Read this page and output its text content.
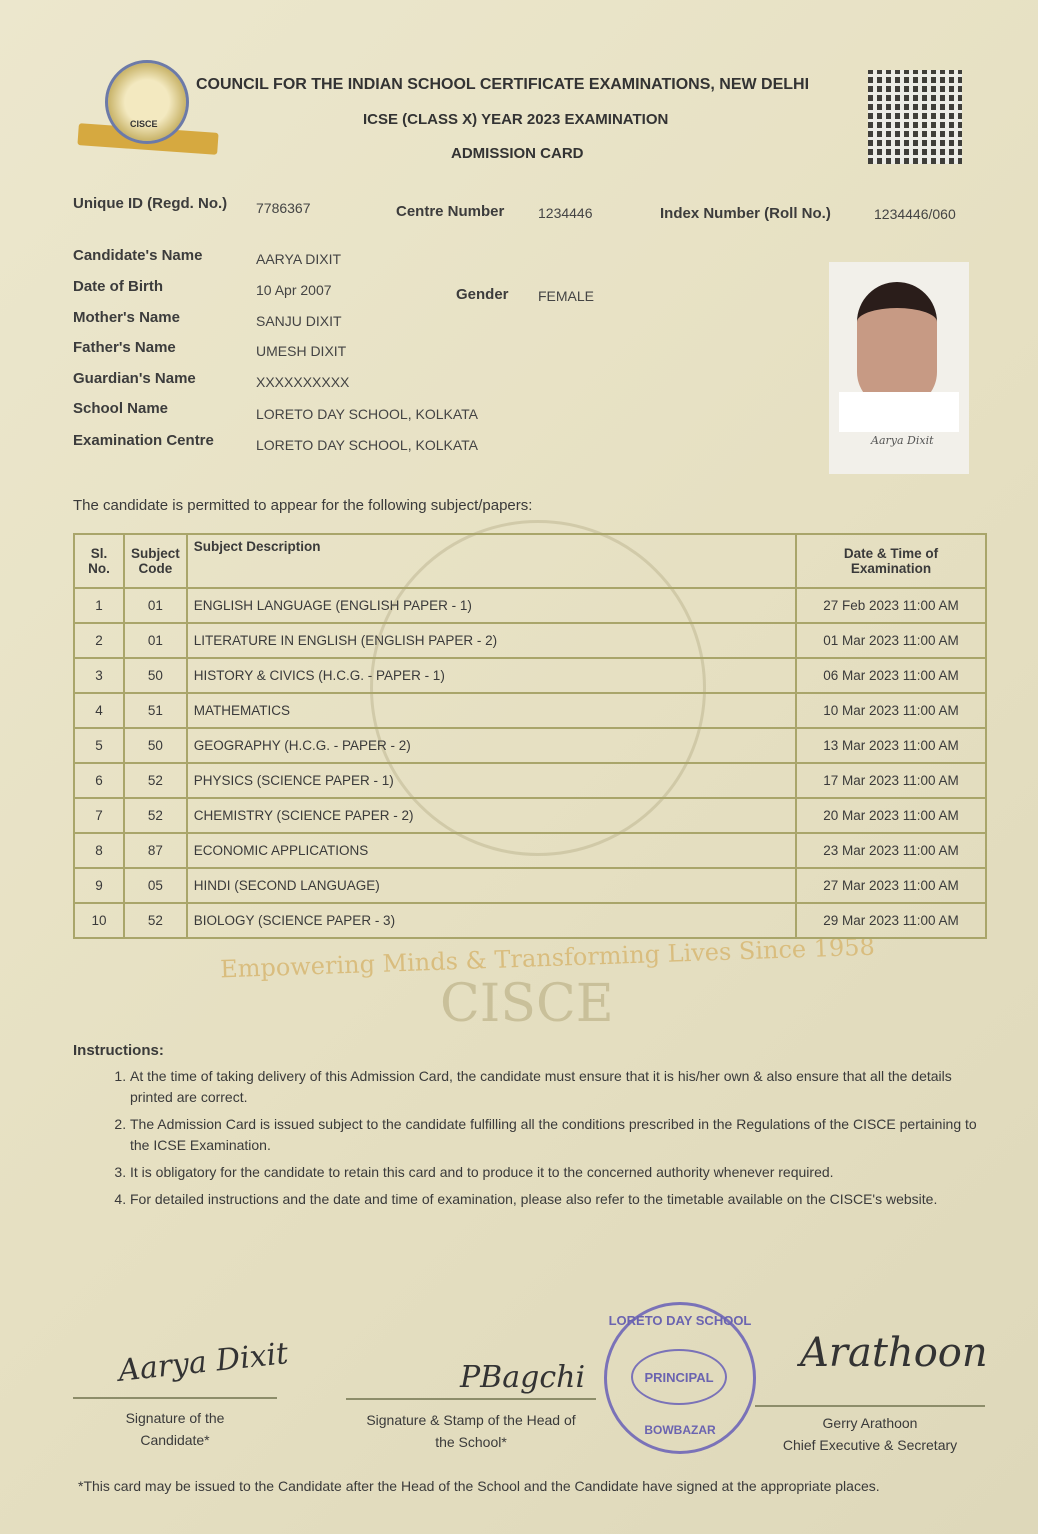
CISCE
Empowering Minds & Transforming Lives Since 1958
CISCE
COUNCIL FOR THE INDIAN SCHOOL CERTIFICATE EXAMINATIONS, NEW DELHI
ICSE (CLASS X) YEAR 2023 EXAMINATION
ADMISSION CARD
Unique ID (Regd. No.) 7786367	Centre Number 1234446	Index Number (Roll No.)	1234446/060
Candidate's Name	AARYA DIXIT
Date of Birth	10 Apr 2007	Gender FEMALE
Mother's Name	SANJU DIXIT
Father's Name	UMESH DIXIT
Guardian's Name	XXXXXXXXXX
School Name	LORETO DAY SCHOOL, KOLKATA
Examination Centre	LORETO DAY SCHOOL, KOLKATA	Aarya Dixit
The candidate is permitted to appear for the following subject/papers:
Sl. No.	Subject Code	Subject Description	Date & Time of Examination
1	01	ENGLISH LANGUAGE (ENGLISH PAPER - 1)	27 Feb 2023 11:00 AM
2	01	LITERATURE IN ENGLISH (ENGLISH PAPER - 2)	01 Mar 2023 11:00 AM
3	50	HISTORY & CIVICS (H.C.G. - PAPER - 1)	06 Mar 2023 11:00 AM
4	51	MATHEMATICS	10 Mar 2023 11:00 AM
5	50	GEOGRAPHY (H.C.G. - PAPER - 2)	13 Mar 2023 11:00 AM
6	52	PHYSICS (SCIENCE PAPER - 1)	17 Mar 2023 11:00 AM
7	52	CHEMISTRY (SCIENCE PAPER - 2)	20 Mar 2023 11:00 AM
8	87	ECONOMIC APPLICATIONS	23 Mar 2023 11:00 AM
9	05	HINDI (SECOND LANGUAGE)	27 Mar 2023 11:00 AM
10	52	BIOLOGY (SCIENCE PAPER - 3)	29 Mar 2023 11:00 AM
Instructions:
1. At the time of taking delivery of this Admission Card, the candidate must ensure that it is his/her own & also ensure that all the details printed are correct.
2. The Admission Card is issued subject to the candidate fulfilling all the conditions prescribed in the Regulations of the CISCE pertaining to the ICSE Examination.
3. It is obligatory for the candidate to retain this card and to produce it to the concerned authority whenever required.
4. For detailed instructions and the date and time of examination, please also refer to the timetable available on the CISCE's website.
Aarya Dixit
Signature of the
Candidate*
PBagchi
Signature & Stamp of the Head of
the School*
LORETO DAY SCHOOL
PRINCIPAL
BOWBAZAR
Arathoon
Gerry Arathoon
Chief Executive & Secretary
*This card may be issued to the Candidate after the Head of the School and the Candidate have signed at the appropriate places.
